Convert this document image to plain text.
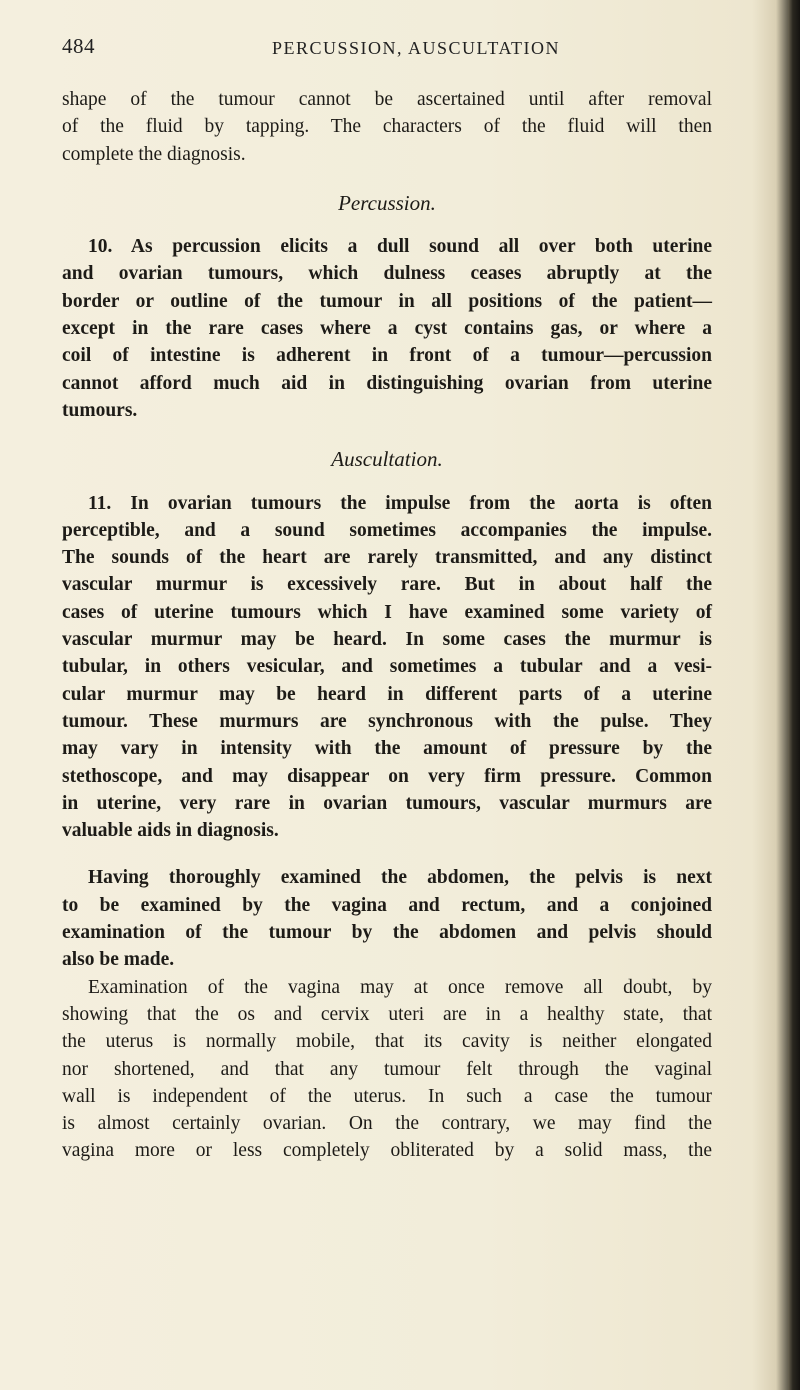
484	PERCUSSION, AUSCULTATION
shape of the tumour cannot be ascertained until after removal
of the fluid by tapping. The characters of the fluid will then
complete the diagnosis.
Percussion.
10. As percussion elicits a dull sound all over both uterine
and ovarian tumours, which dulness ceases abruptly at the
border or outline of the tumour in all positions of the patient—
except in the rare cases where a cyst contains gas, or where a
coil of intestine is adherent in front of a tumour—percussion
cannot afford much aid in distinguishing ovarian from uterine
tumours.
Auscultation.
11. In ovarian tumours the impulse from the aorta is often
perceptible, and a sound sometimes accompanies the impulse.
The sounds of the heart are rarely transmitted, and any distinct
vascular murmur is excessively rare. But in about half the
cases of uterine tumours which I have examined some variety of
vascular murmur may be heard. In some cases the murmur is
tubular, in others vesicular, and sometimes a tubular and a vesi-
cular murmur may be heard in different parts of a uterine
tumour. These murmurs are synchronous with the pulse. They
may vary in intensity with the amount of pressure by the
stethoscope, and may disappear on very firm pressure. Common
in uterine, very rare in ovarian tumours, vascular murmurs are
valuable aids in diagnosis.
Having thoroughly examined the abdomen, the pelvis is next
to be examined by the vagina and rectum, and a conjoined
examination of the tumour by the abdomen and pelvis should
also be made.
Examination of the vagina may at once remove all doubt, by
showing that the os and cervix uteri are in a healthy state, that
the uterus is normally mobile, that its cavity is neither elongated
nor shortened, and that any tumour felt through the vaginal
wall is independent of the uterus. In such a case the tumour
is almost certainly ovarian. On the contrary, we may find the
vagina more or less completely obliterated by a solid mass, the
